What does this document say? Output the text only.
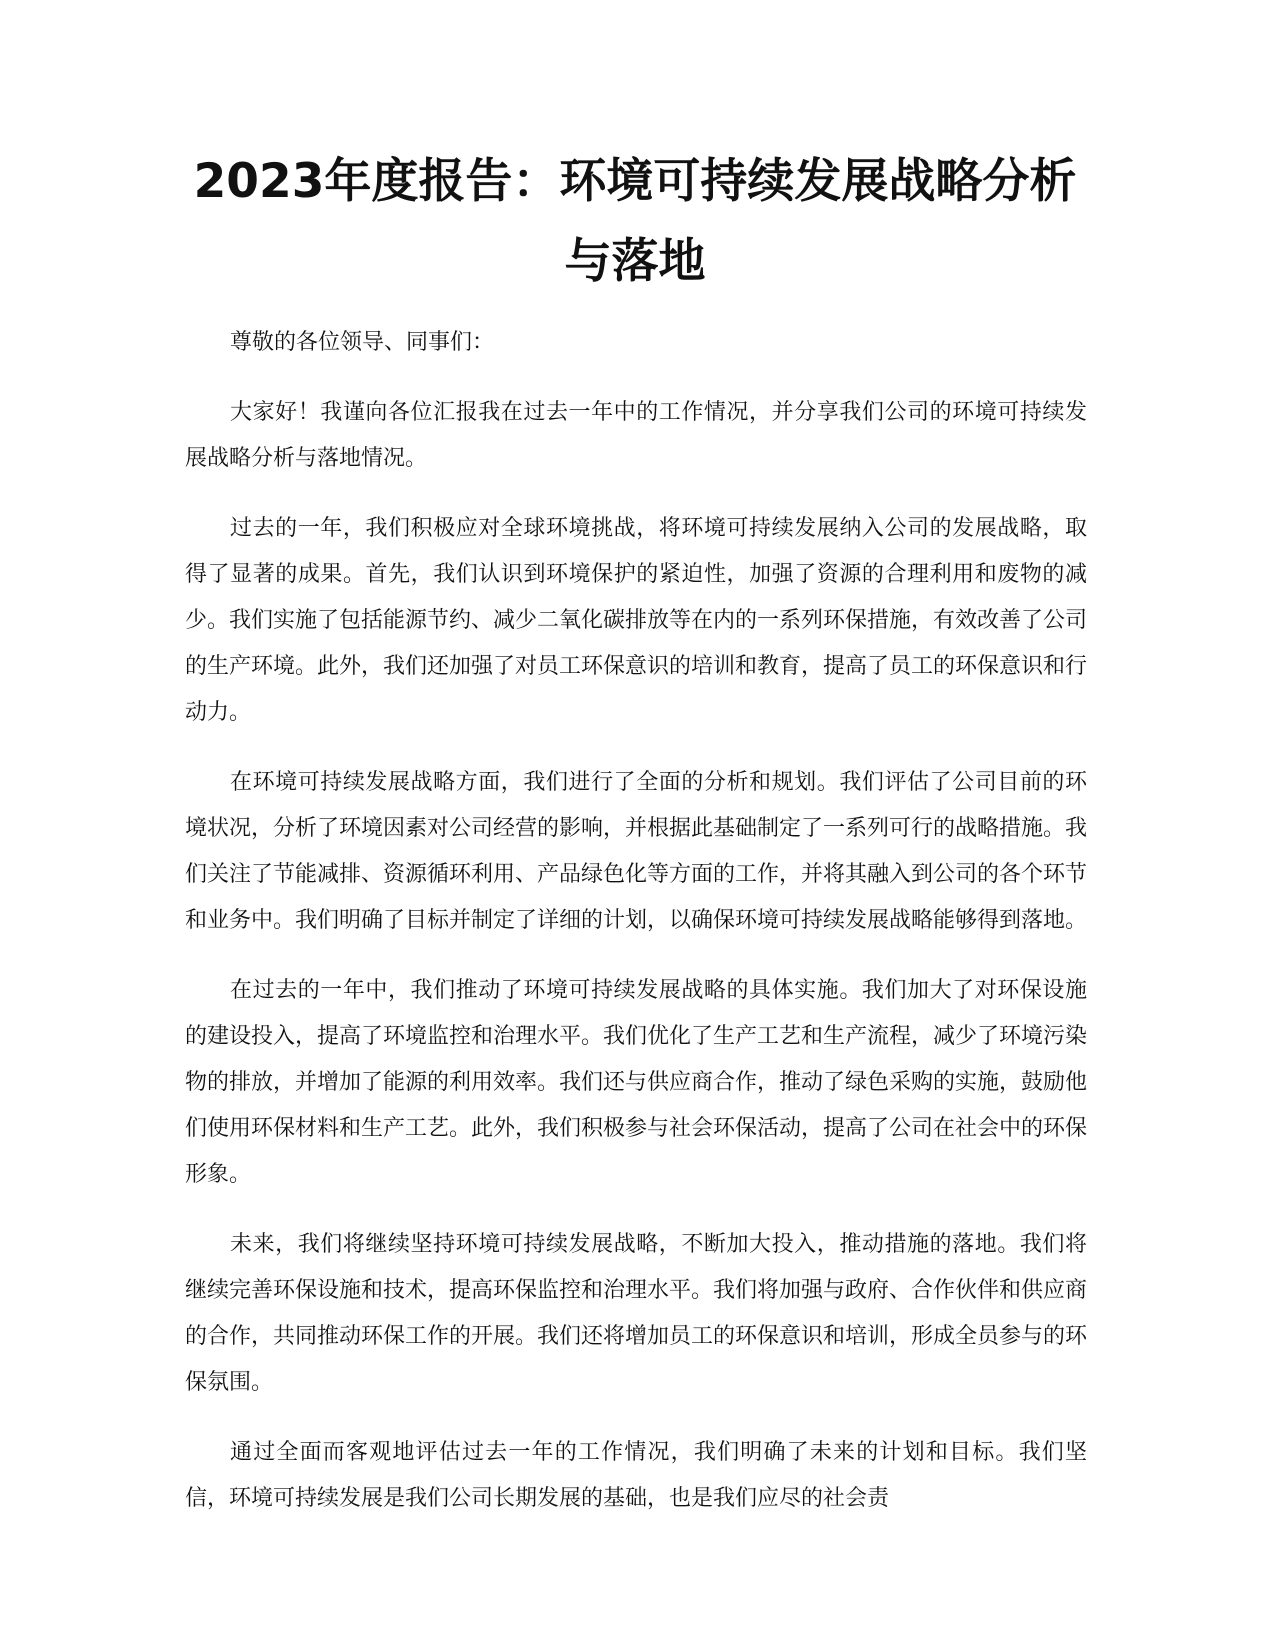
2023年度报告：环境可持续发展战略分析与落地

尊敬的各位领导、同事们：

大家好！我谨向各位汇报我在过去一年中的工作情况，并分享我们公司的环境可持续发展战略分析与落地情况。

过去的一年，我们积极应对全球环境挑战，将环境可持续发展纳入公司的发展战略，取得了显著的成果。首先，我们认识到环境保护的紧迫性，加强了资源的合理利用和废物的减少。我们实施了包括能源节约、减少二氧化碳排放等在内的一系列环保措施，有效改善了公司的生产环境。此外，我们还加强了对员工环保意识的培训和教育，提高了员工的环保意识和行动力。

在环境可持续发展战略方面，我们进行了全面的分析和规划。我们评估了公司目前的环境状况，分析了环境因素对公司经营的影响，并根据此基础制定了一系列可行的战略措施。我们关注了节能减排、资源循环利用、产品绿色化等方面的工作，并将其融入到公司的各个环节和业务中。我们明确了目标并制定了详细的计划，以确保环境可持续发展战略能够得到落地。

在过去的一年中，我们推动了环境可持续发展战略的具体实施。我们加大了对环保设施的建设投入，提高了环境监控和治理水平。我们优化了生产工艺和生产流程，减少了环境污染物的排放，并增加了能源的利用效率。我们还与供应商合作，推动了绿色采购的实施，鼓励他们使用环保材料和生产工艺。此外，我们积极参与社会环保活动，提高了公司在社会中的环保形象。

未来，我们将继续坚持环境可持续发展战略，不断加大投入，推动措施的落地。我们将继续完善环保设施和技术，提高环保监控和治理水平。我们将加强与政府、合作伙伴和供应商的合作，共同推动环保工作的开展。我们还将增加员工的环保意识和培训，形成全员参与的环保氛围。

通过全面而客观地评估过去一年的工作情况，我们明确了未来的计划和目标。我们坚信，环境可持续发展是我们公司长期发展的基础，也是我们应尽的社会责
